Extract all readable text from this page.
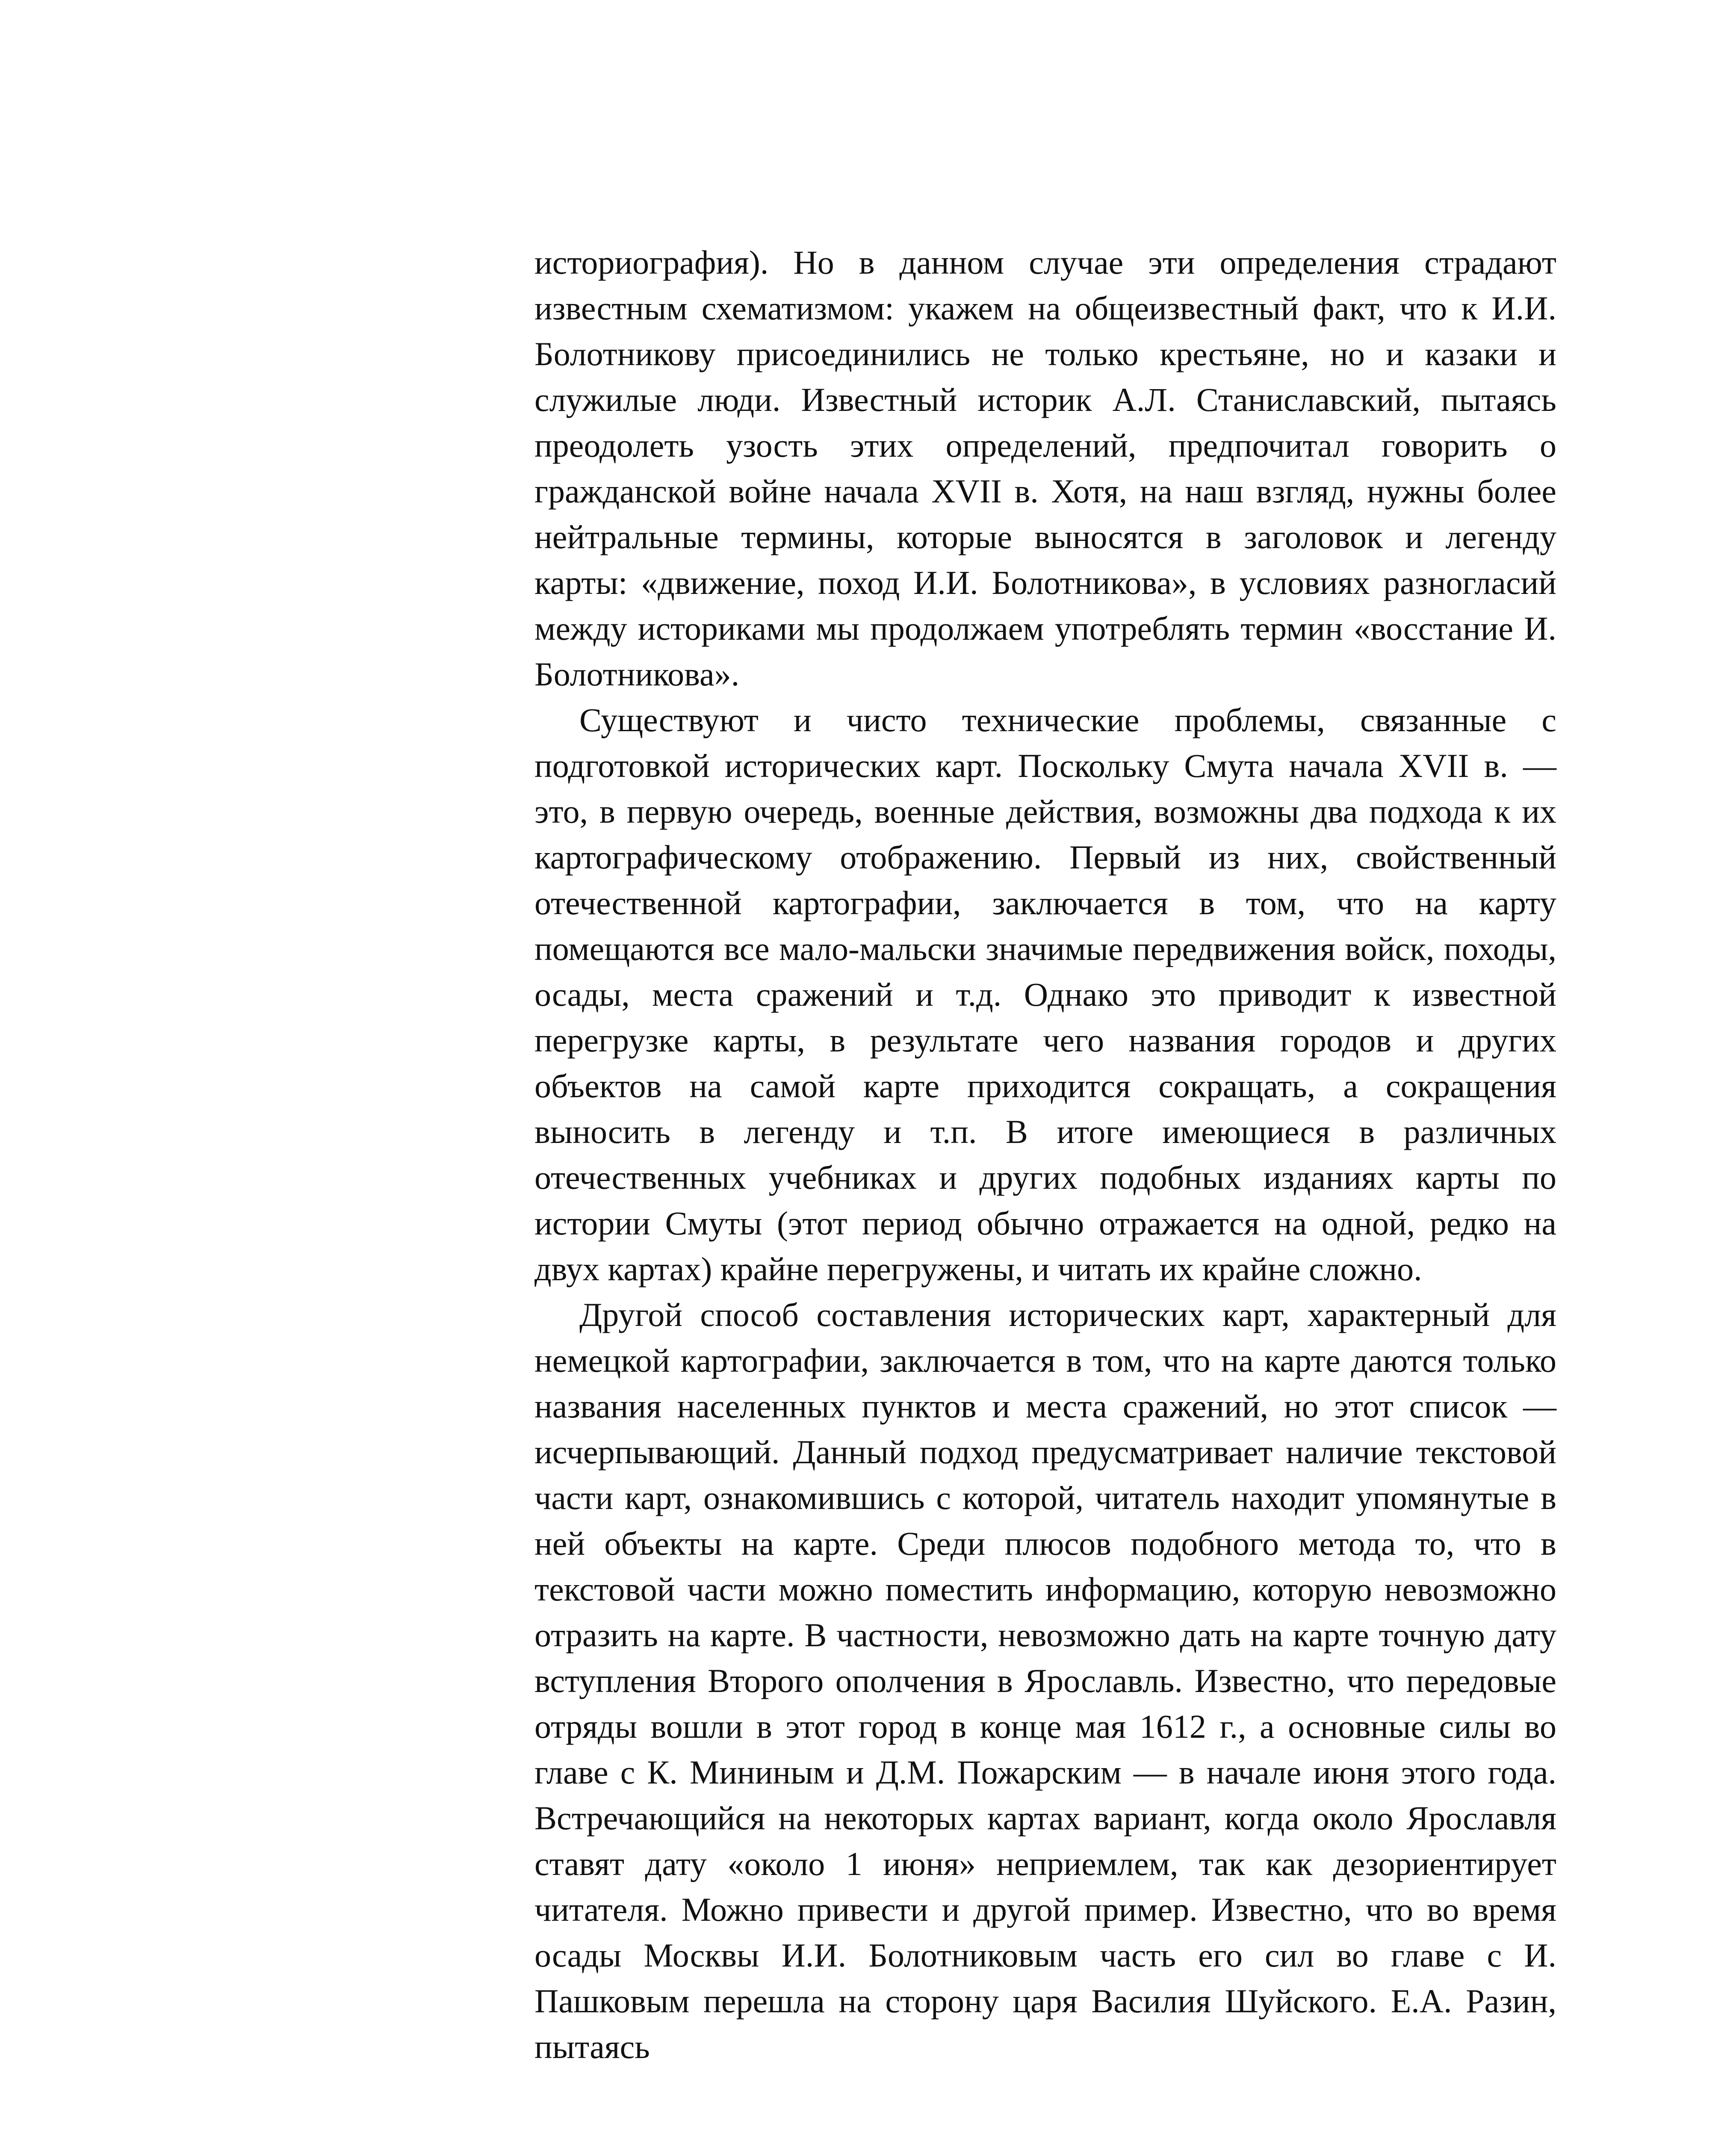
историография). Но в данном случае эти определения страдают известным схематизмом: укажем на общеизвестный факт, что к И.И. Болотникову присоединились не только крестьяне, но и казаки и служилые люди. Известный историк А.Л. Станиславский, пытаясь преодолеть узость этих определений, предпочитал говорить о гражданской войне начала XVII в. Хотя, на наш взгляд, нужны более нейтральные термины, которые выносятся в заголовок и легенду карты: «движение, поход И.И. Болотникова», в условиях разногласий между историками мы продолжаем употреблять термин «восстание И. Болотникова».

Существуют и чисто технические проблемы, связанные с подготовкой исторических карт. Поскольку Смута начала XVII в. — это, в первую очередь, военные действия, возможны два подхода к их картографическому отображению. Первый из них, свойственный отечественной картографии, заключается в том, что на карту помещаются все мало-мальски значимые передвижения войск, походы, осады, места сражений и т.д. Однако это приводит к известной перегрузке карты, в результате чего названия городов и других объектов на самой карте приходится сокращать, а сокращения выносить в легенду и т.п. В итоге имеющиеся в различных отечественных учебниках и других подобных изданиях карты по истории Смуты (этот период обычно отражается на одной, редко на двух картах) крайне перегружены, и читать их крайне сложно.

Другой способ составления исторических карт, характерный для немецкой картографии, заключается в том, что на карте даются только названия населенных пунктов и места сражений, но этот список — исчерпывающий. Данный подход предусматривает наличие текстовой части карт, ознакомившись с которой, читатель находит упомянутые в ней объекты на карте. Среди плюсов подобного метода то, что в текстовой части можно поместить информацию, которую невозможно отразить на карте. В частности, невозможно дать на карте точную дату вступления Второго ополчения в Ярославль. Известно, что передовые отряды вошли в этот город в конце мая 1612 г., а основные силы во главе с К. Мининым и Д.М. Пожарским — в начале июня этого года. Встречающийся на некоторых картах вариант, когда около Ярославля ставят дату «около 1 июня» неприемлем, так как дезориентирует читателя. Можно привести и другой пример. Известно, что во время осады Москвы И.И. Болотниковым часть его сил во главе с И. Пашковым перешла на сторону царя Василия Шуйского. Е.А. Разин, пытаясь
